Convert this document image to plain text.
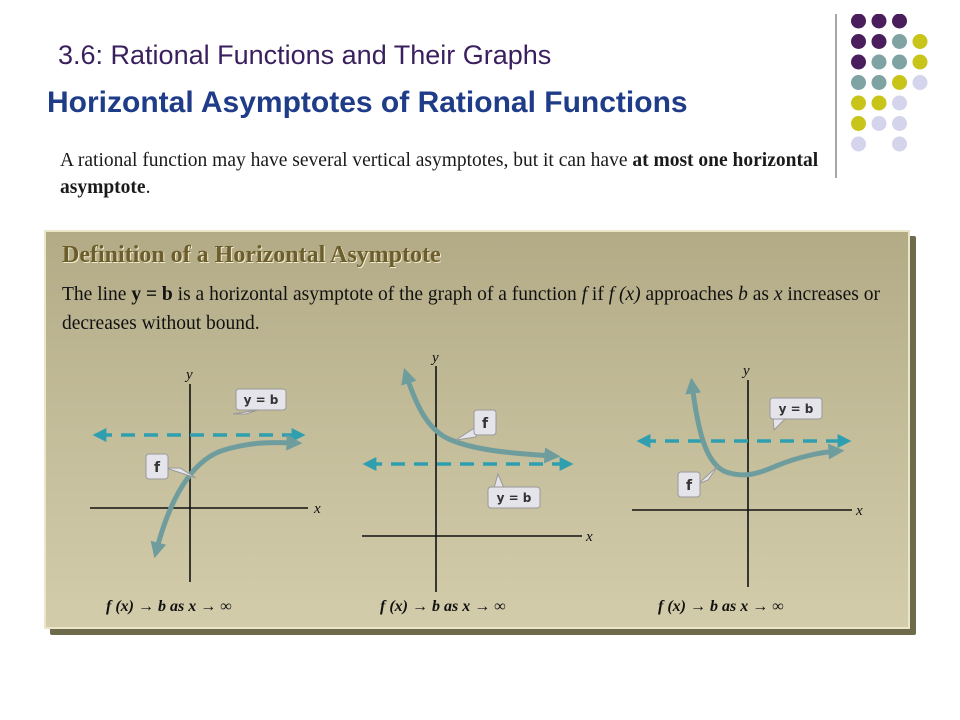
3.6: Rational Functions and Their Graphs
Horizontal Asymptotes of Rational Functions
A rational function may have several vertical asymptotes, but it can have at most one horizontal asymptote.
Definition of a Horizontal Asymptote
The line y = b is a horizontal asymptote of the graph of a function f if f (x) approaches b as x increases or decreases without bound.
x
y
y = b
f
x
y
f
y = b
x
y
y = b
f
f (x) → b as x → ∞	f (x) → b as x → ∞	f (x) → b as x → ∞
